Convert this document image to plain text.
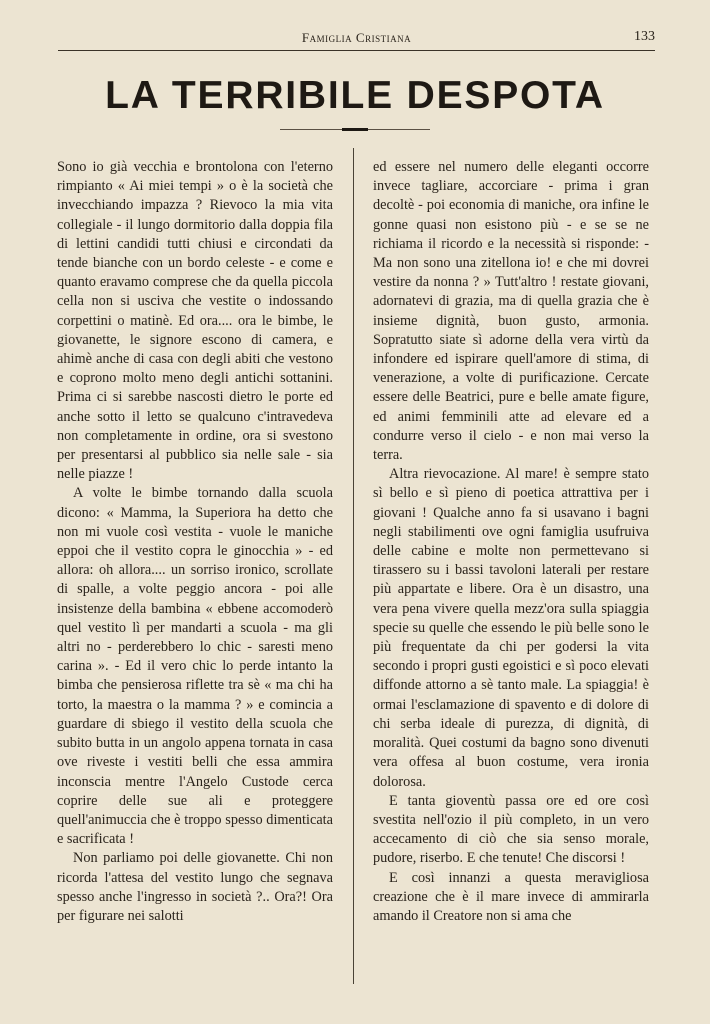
Famiglia Cristiana	133
LA TERRIBILE DESPOTA

Sono io già vecchia e brontolona con l'eterno rimpianto « Ai miei tempi » o è la società che invecchiando impazza ? Rievoco la mia vita collegiale - il lungo dormitorio dalla doppia fila di lettini candidi tutti chiusi e circondati da tende bianche con un bordo celeste - e come e quanto eravamo comprese che da quella piccola cella non si usciva che vestite o indossando corpettini o matinè. Ed ora.... ora le bimbe, le giovanette, le signore escono di camera, e ahimè anche di casa con degli abiti che vestono e coprono molto meno degli antichi sottanini. Prima ci si sarebbe nascosti dietro le porte ed anche sotto il letto se qualcuno c'intravedeva non completamente in ordine, ora si svestono per presentarsi al pubblico sia nelle sale - sia nelle piazze !

A volte le bimbe tornando dalla scuola dicono: « Mamma, la Superiora ha detto che non mi vuole così vestita - vuole le maniche eppoi che il vestito copra le ginocchia » - ed allora: oh allora.... un sorriso ironico, scrollate di spalle, a volte peggio ancora - poi alle insistenze della bambina « ebbene accomoderò quel vestito lì per mandarti a scuola - ma gli altri no - perderebbero lo chic - saresti meno carina ». - Ed il vero chic lo perde intanto la bimba che pensierosa riflette tra sè « ma chi ha torto, la maestra o la mamma ? » e comincia a guardare di sbiego il vestito della scuola che subito butta in un angolo appena tornata in casa ove riveste i vestiti belli che essa ammira inconscia mentre l'Angelo Custode cerca coprire delle sue ali e proteggere quell'animuccia che è troppo spesso dimenticata e sacrificata !

Non parliamo poi delle giovanette. Chi non ricorda l'attesa del vestito lungo che segnava spesso anche l'ingresso in società ?.. Ora?! Ora per figurare nei salotti

ed essere nel numero delle eleganti occorre invece tagliare, accorciare - prima i gran decoltè - poi economia di maniche, ora infine le gonne quasi non esistono più - e se se ne richiama il ricordo e la necessità si risponde: - Ma non sono una zitellona io! e che mi dovrei vestire da nonna ? » Tutt'altro ! restate giovani, adornatevi di grazia, ma di quella grazia che è insieme dignità, buon gusto, armonia. Sopratutto siate sì adorne della vera virtù da infondere ed ispirare quell'amore di stima, di venerazione, a volte di purificazione. Cercate essere delle Beatrici, pure e belle amate figure, ed animi femminili atte ad elevare ed a condurre verso il cielo - e non mai verso la terra.

Altra rievocazione. Al mare! è sempre stato sì bello e sì pieno di poetica attrattiva per i giovani ! Qualche anno fa si usavano i bagni negli stabilimenti ove ogni famiglia usufruiva delle cabine e molte non permettevano si tirassero su i bassi tavoloni laterali per restare più appartate e libere. Ora è un disastro, una vera pena vivere quella mezz'ora sulla spiaggia specie su quelle che essendo le più belle sono le più frequentate da chi per godersi la vita secondo i propri gusti egoistici e sì poco elevati diffonde attorno a sè tanto male. La spiaggia! è ormai l'esclamazione di spavento e di dolore di chi serba ideale di purezza, di dignità, di moralità. Quei costumi da bagno sono divenuti vera offesa al buon costume, vera ironia dolorosa.

E tanta gioventù passa ore ed ore così svestita nell'ozio il più completo, in un vero accecamento di ciò che sia senso morale, pudore, riserbo. E che tenute! Che discorsi !

E così innanzi a questa meravigliosa creazione che è il mare invece di ammirarla amando il Creatore non si ama che
